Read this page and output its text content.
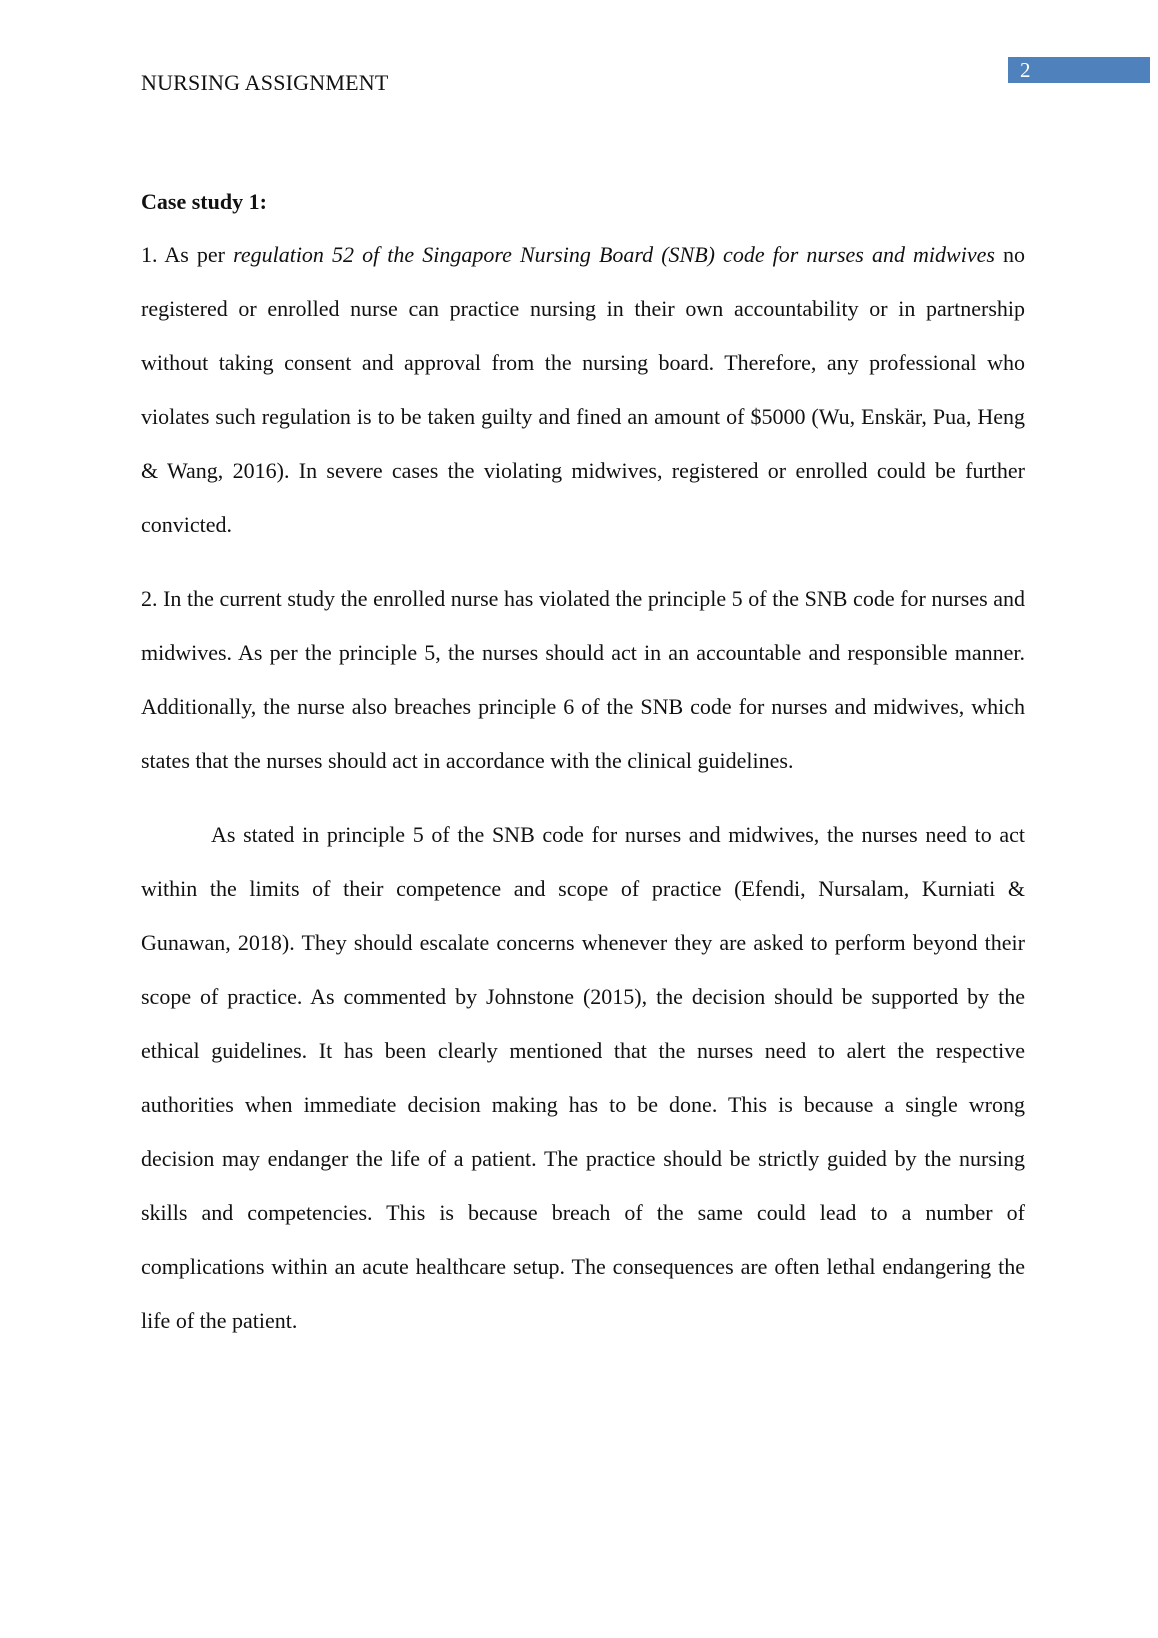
NURSING ASSIGNMENT	2
Case study 1:

1. As per regulation 52 of the Singapore Nursing Board (SNB) code for nurses and midwives no registered or enrolled nurse can practice nursing in their own accountability or in partnership without taking consent and approval from the nursing board. Therefore, any professional who violates such regulation is to be taken guilty and fined an amount of $5000 (Wu, Enskär, Pua, Heng & Wang, 2016). In severe cases the violating midwives, registered or enrolled could be further convicted.

2. In the current study the enrolled nurse has violated the principle 5 of the SNB code for nurses and midwives. As per the principle 5, the nurses should act in an accountable and responsible manner. Additionally, the nurse also breaches principle 6 of the SNB code for nurses and midwives, which states that the nurses should act in accordance with the clinical guidelines.

As stated in principle 5 of the SNB code for nurses and midwives, the nurses need to act within the limits of their competence and scope of practice (Efendi, Nursalam, Kurniati & Gunawan, 2018). They should escalate concerns whenever they are asked to perform beyond their scope of practice. As commented by Johnstone (2015), the decision should be supported by the ethical guidelines. It has been clearly mentioned that the nurses need to alert the respective authorities when immediate decision making has to be done. This is because a single wrong decision may endanger the life of a patient. The practice should be strictly guided by the nursing skills and competencies. This is because breach of the same could lead to a number of complications within an acute healthcare setup. The consequences are often lethal endangering the life of the patient.
